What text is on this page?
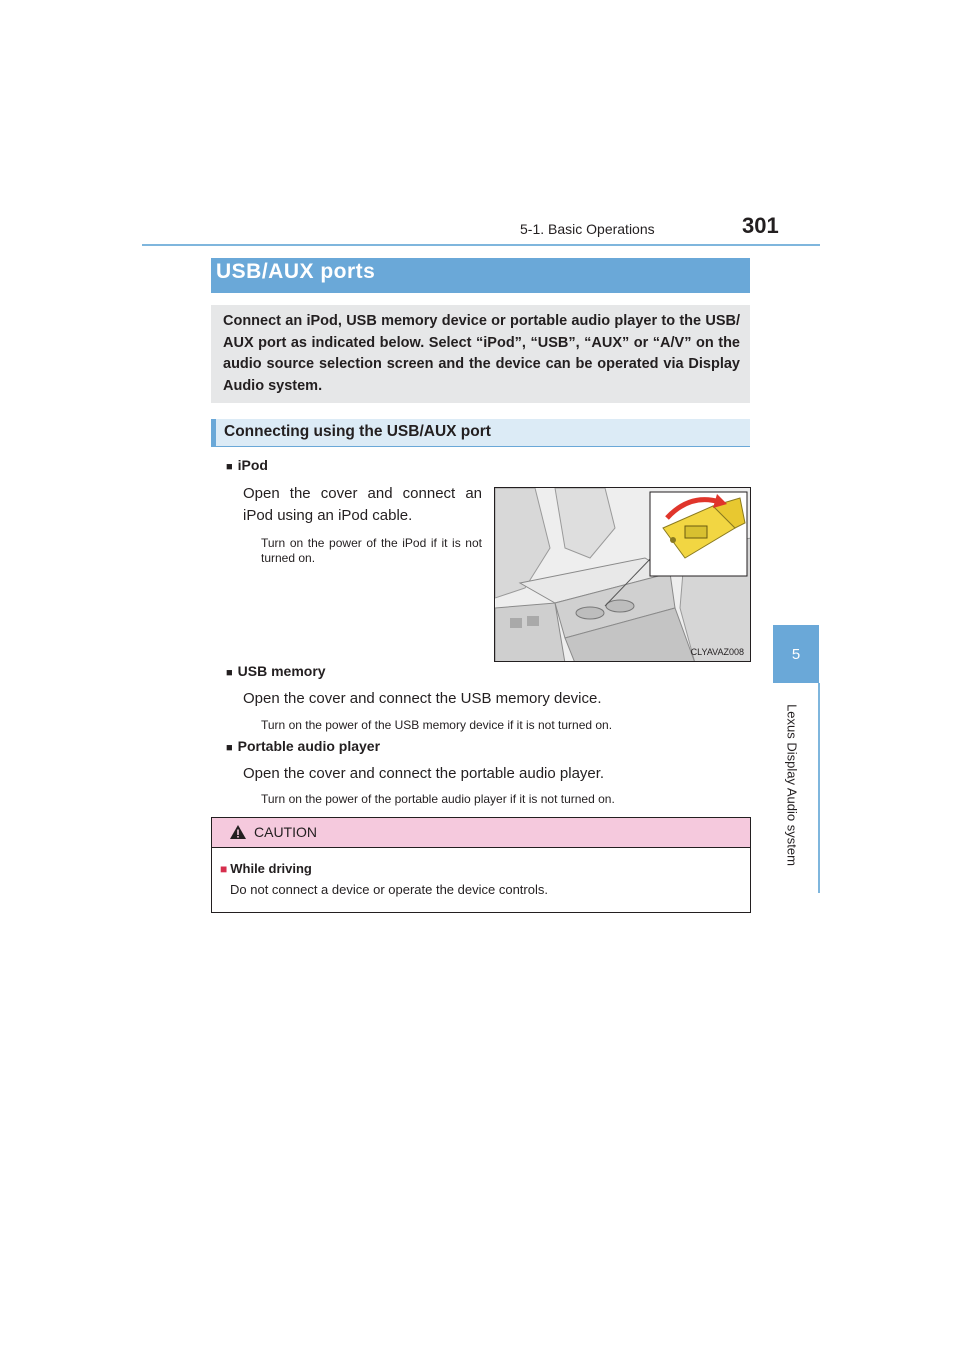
5-1. Basic Operations	301
5
Lexus Display Audio system
USB/AUX ports
Connect an iPod, USB memory device or portable audio player to the USB/ AUX port as indicated below. Select “iPod”, “USB”, “AUX” or “A/V” on the audio source selection screen and the device can be operated via Display Audio system.
Connecting using the USB/AUX port
■ iPod
Open the cover and connect an iPod using an iPod cable.
Turn on the power of the iPod if it is not turned on.
CLYAVAZ008
■ USB memory
Open the cover and connect the USB memory device.
Turn on the power of the USB memory device if it is not turned on.
■ Portable audio player
Open the cover and connect the portable audio player.
Turn on the power of the portable audio player if it is not turned on.
CAUTION
■ While driving
Do not connect a device or operate the device controls.
